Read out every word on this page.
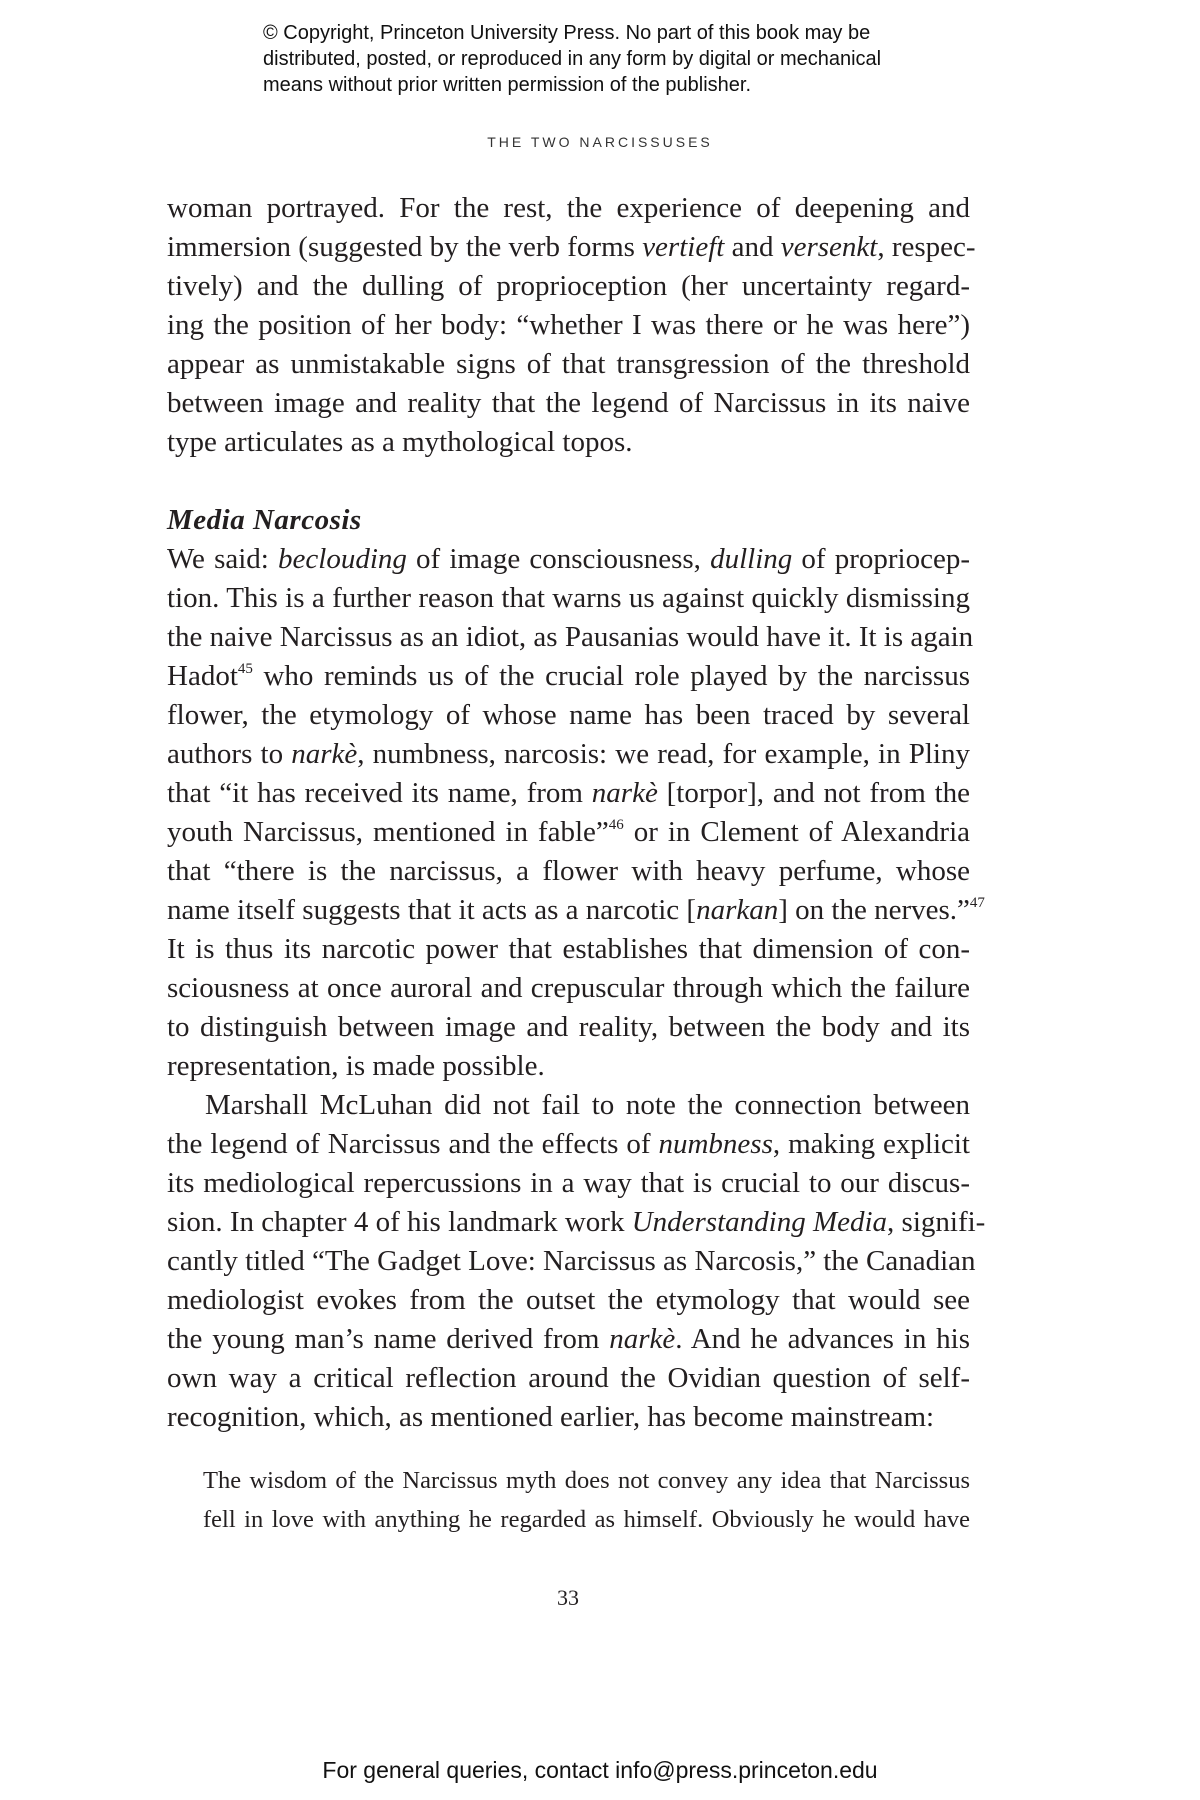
© Copyright, Princeton University Press. No part of this book may be
distributed, posted, or reproduced in any form by digital or mechanical
means without prior written permission of the publisher.
THE TWO NARCISSUSES
woman portrayed. For the rest, the experience of deepening and
immersion (suggested by the verb forms vertieft and versenkt, respec-
tively) and the dulling of proprioception (her uncertainty regard-
ing the position of her body: “whether I was there or he was here”)
appear as unmistakable signs of that transgression of the threshold
between image and reality that the legend of Narcissus in its naive
type articulates as a mythological topos.
Media Narcosis
We said: beclouding of image consciousness, dulling of propriocep-
tion. This is a further reason that warns us against quickly dismissing
the naive Narcissus as an idiot, as Pausanias would have it. It is again
Hadot$^{45}$ who reminds us of the crucial role played by the narcissus
flower, the etymology of whose name has been traced by several
authors to narkè, numbness, narcosis: we read, for example, in Pliny
that “it has received its name, from narkè [torpor], and not from the
youth Narcissus, mentioned in fable”$^{46}$ or in Clement of Alexandria
that “there is the narcissus, a flower with heavy perfume, whose
name itself suggests that it acts as a narcotic [narkan] on the nerves.”$^{47}$
It is thus its narcotic power that establishes that dimension of con-
sciousness at once auroral and crepuscular through which the failure
to distinguish between image and reality, between the body and its
representation, is made possible.
Marshall McLuhan did not fail to note the connection between
the legend of Narcissus and the effects of numbness, making explicit
its mediological repercussions in a way that is crucial to our discus-
sion. In chapter 4 of his landmark work Understanding Media, signifi-
cantly titled “The Gadget Love: Narcissus as Narcosis,” the Canadian
mediologist evokes from the outset the etymology that would see
the young man’s name derived from narkè. And he advances in his
own way a critical reflection around the Ovidian question of self-
recognition, which, as mentioned earlier, has become mainstream:
The wisdom of the Narcissus myth does not convey any idea that Narcissus
fell in love with anything he regarded as himself. Obviously he would have
33
For general queries, contact info@press.princeton.edu
